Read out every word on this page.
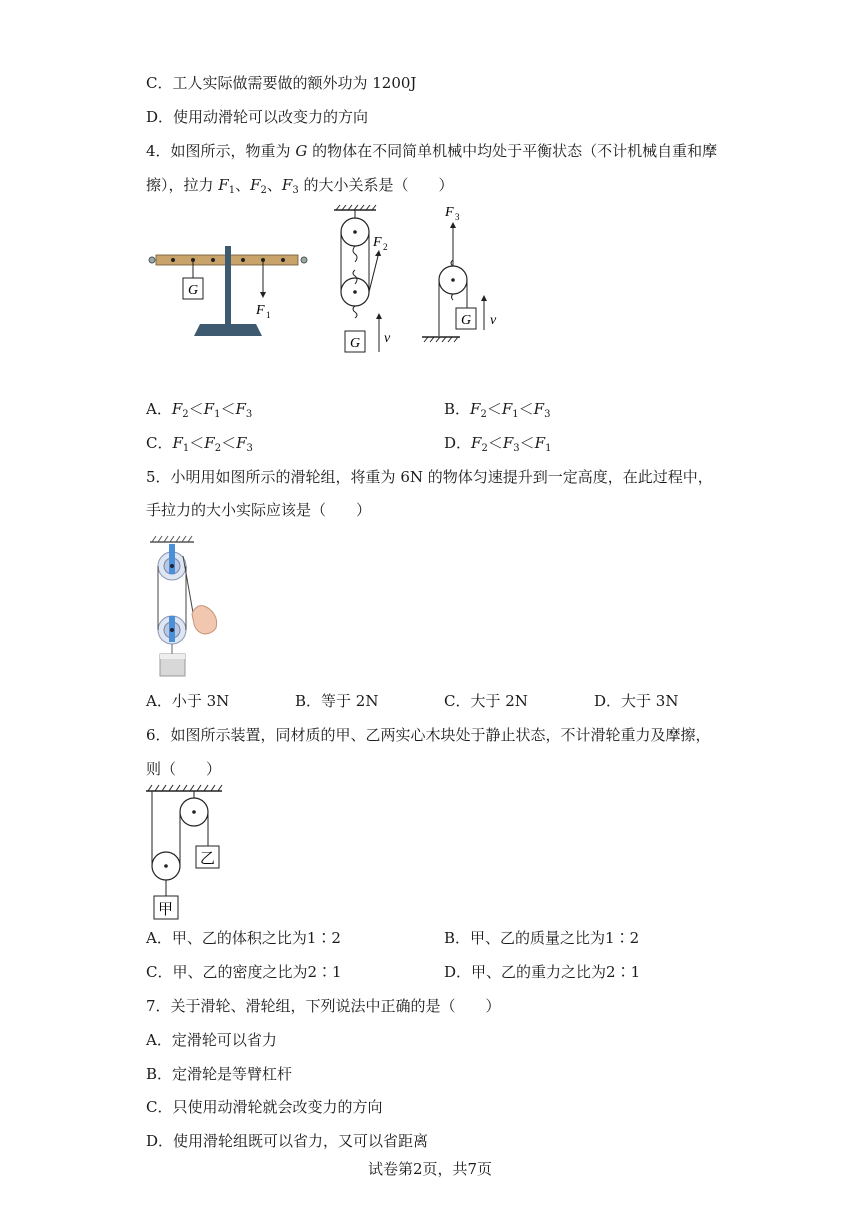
C．工人实际做需要做的额外功为 1200J
D．使用动滑轮可以改变力的方向
4．如图所示，物重为 G 的物体在不同简单机械中均处于平衡状态（不计机械自重和摩
擦），拉力 $F_1$、$F_2$、$F_3$ 的大小关系是（　　）
G
F 1
F 2
G v
F 3
G v
A．$F_2<F_1<F_3$	B．$F_2<F_1<F_3$
C．$F_1<F_2<F_3$	D．$F_2<F_3<F_1$
5．小明用如图所示的滑轮组，将重为 6N 的物体匀速提升到一定高度，在此过程中，
手拉力的大小实际应该是（　　）
A．小于 3N	B．等于 2N	C．大于 2N	D．大于 3N
6．如图所示装置，同材质的甲、乙两实心木块处于静止状态，不计滑轮重力及摩擦，
则（　　）
乙
甲
A．甲、乙的体积之比为1∶2	B．甲、乙的质量之比为1∶2
C．甲、乙的密度之比为2∶1	D．甲、乙的重力之比为2∶1
7．关于滑轮、滑轮组，下列说法中正确的是（　　）
A．定滑轮可以省力
B．定滑轮是等臂杠杆
C．只使用动滑轮就会改变力的方向
D．使用滑轮组既可以省力，又可以省距离
试卷第2页，共7页
